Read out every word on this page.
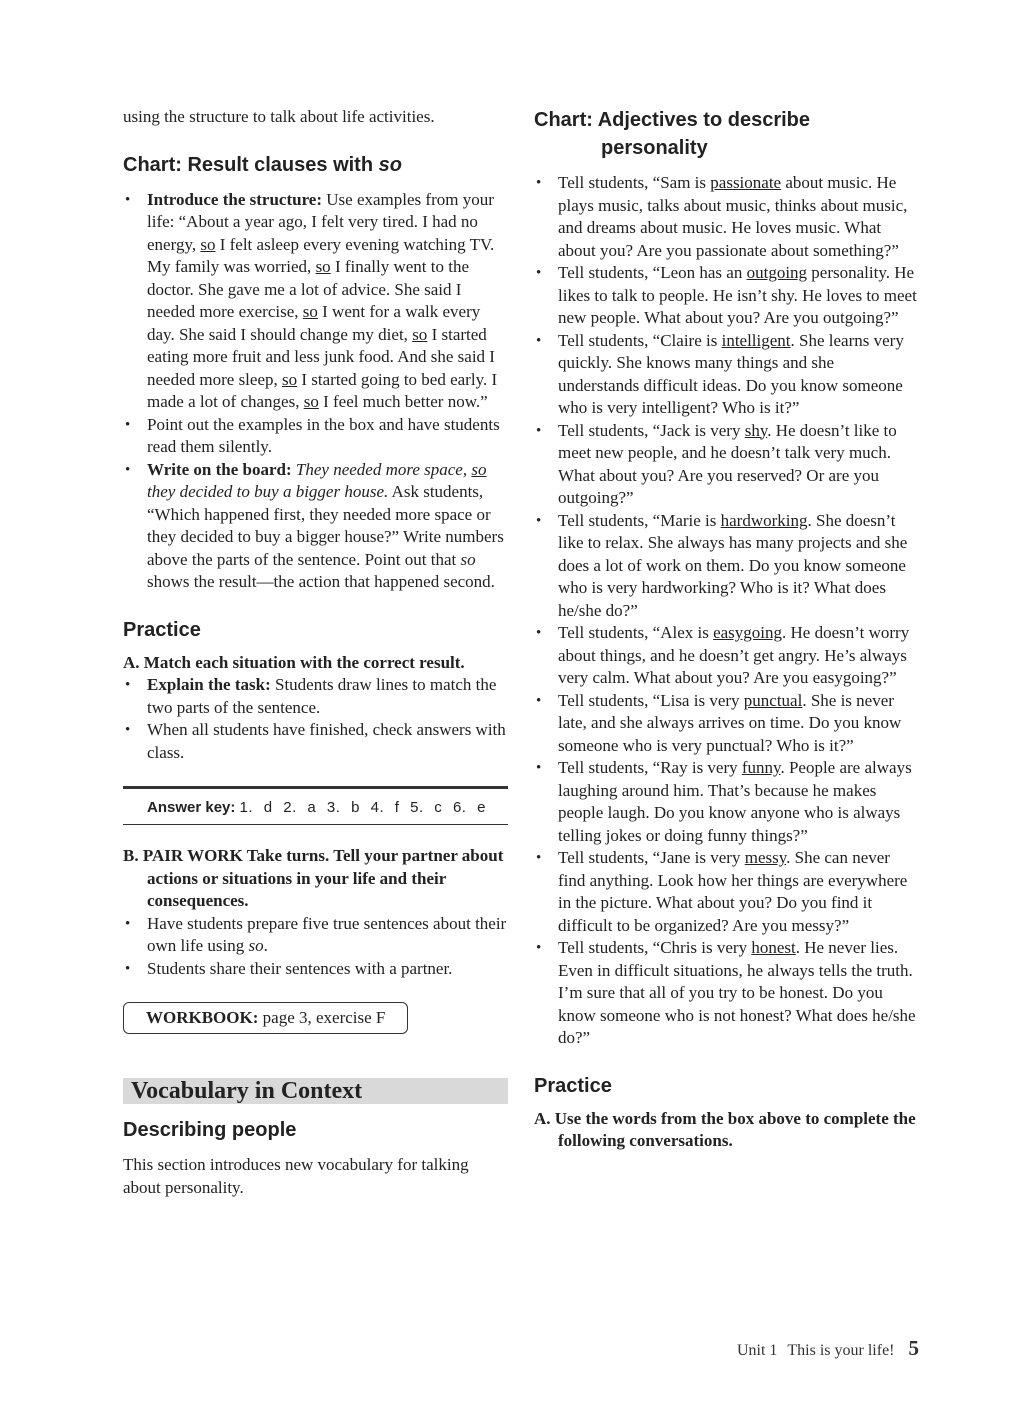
using the structure to talk about life activities.

Chart: Result clauses with so
• Introduce the structure: Use examples from your life: “About a year ago, I felt very tired. I had no energy, so I felt asleep every evening watching TV. My family was worried, so I finally went to the doctor. She gave me a lot of advice. She said I needed more exercise, so I went for a walk every day. She said I should change my diet, so I started eating more fruit and less junk food. And she said I needed more sleep, so I started going to bed early. I made a lot of changes, so I feel much better now.”
• Point out the examples in the box and have students read them silently.
• Write on the board: They needed more space, so they decided to buy a bigger house. Ask students, “Which happened first, they needed more space or they decided to buy a bigger house?” Write numbers above the parts of the sentence. Point out that so shows the result—the action that happened second.
Practice

A. Match each situation with the correct result.

• Explain the task: Students draw lines to match the two parts of the sentence.
• When all students have finished, check answers with class.
Answer key: 1. d 2. a 3. b 4. f 5. c 6. e

B. PAIR WORK Take turns. Tell your partner about actions or situations in your life and their consequences.

• Have students prepare five true sentences about their own life using so.
• Students share their sentences with a partner.
WORKBOOK: page 3, exercise F
Vocabulary in Context
Describing people

This section introduces new vocabulary for talking about personality.

Chart: Adjectives to describe
personality
• Tell students, “Sam is passionate about music. He plays music, talks about music, thinks about music, and dreams about music. He loves music. What about you? Are you passionate about something?”
• Tell students, “Leon has an outgoing personality. He likes to talk to people. He isn’t shy. He loves to meet new people. What about you? Are you outgoing?”
• Tell students, “Claire is intelligent. She learns very quickly. She knows many things and she understands difficult ideas. Do you know someone who is very intelligent? Who is it?”
• Tell students, “Jack is very shy. He doesn’t like to meet new people, and he doesn’t talk very much. What about you? Are you reserved? Or are you outgoing?”
• Tell students, “Marie is hardworking. She doesn’t like to relax. She always has many projects and she does a lot of work on them. Do you know someone who is very hardworking? Who is it? What does he/she do?”
• Tell students, “Alex is easygoing. He doesn’t worry about things, and he doesn’t get angry. He’s always very calm. What about you? Are you easygoing?”
• Tell students, “Lisa is very punctual. She is never late, and she always arrives on time. Do you know someone who is very punctual? Who is it?”
• Tell students, “Ray is very funny. People are always laughing around him. That’s because he makes people laugh. Do you know anyone who is always telling jokes or doing funny things?”
• Tell students, “Jane is very messy. She can never find anything. Look how her things are everywhere in the picture. What about you? Do you find it difficult to be organized? Are you messy?”
• Tell students, “Chris is very honest. He never lies. Even in difficult situations, he always tells the truth. I’m sure that all of you try to be honest. Do you know someone who is not honest? What does he/she do?”
Practice

A. Use the words from the box above to complete the following conversations.

Unit 1 This is your life! 5
